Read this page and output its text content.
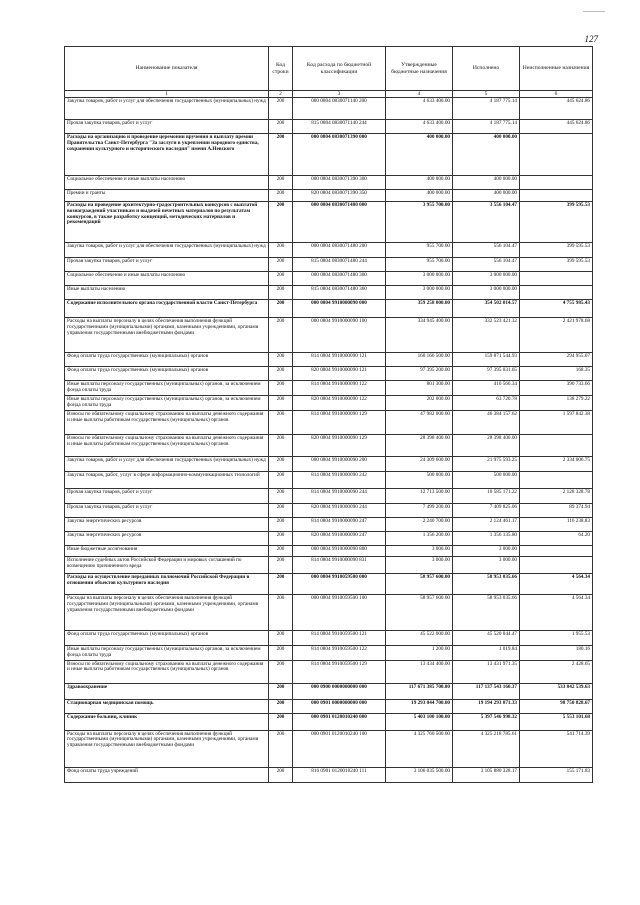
127
Наименование показателя	Код строки	Код расхода по бюджетной классификации	Утвержденные бюджетные назначения	Исполнено	Неисполненные назначения
1	2	3	4	5	6
Закупка товаров, работ и услуг для обеспечения государственных (муниципальных) нужд	200	000 0804 0830071140 200	4 633 400.00	4 187 775.14	445 624.86
Прочая закупка товаров, работ и услуг	200	815 0804 0830071140 244	4 633 400.00	4 187 775.14	445 624.86
Расходы на организацию и проведение церемонии вручения и выплату премии Правительства Санкт-Петербурга "За заслуги в укреплении народного единства, сохранении культурного и исторического наследия" имени А.Невского	200	000 0804 0830071390 000	400 000.00	400 000.00	
Социальное обеспечение и иные выплаты населению	200	000 0804 0830071390 300	400 000.00	400 000.00	
Премии и гранты	200	820 0804 0830071390 350	400 000.00	400 000.00	
Расходы на проведение архитектурно-градостроительных конкурсов с выплатой вознаграждений участникам и выдачей нечетных материалов по результатам конкурсов, в также разработку концепций, методических материалов и рекомендаций	200	000 0804 0830071480 000	3 955 700.00	3 556 104.47	399 595.53
Закупка товаров, работ и услуг для обеспечения государственных (муниципальных) нужд	200	000 0804 0830071480 200	955 700.00	556 104.47	399 595.53
Прочая закупка товаров, работ и услуг	200	815 0804 0830071480 244	955 700.00	556 104.47	399 595.53
Социальное обеспечение и иные выплаты населению	200	000 0804 0830071480 300	3 000 000.00	3 000 000.00	
Иные выплаты населению	200	815 0804 0830071480 360	3 000 000.00	3 000 000.00	
Содержание исполнительного органа государственной власти Санкт-Петербурга	200	000 0804 9910000090 000	359 258 000.00	354 502 014.57	4 755 985.43
Расходы на выплаты персоналу в целях обеспечения выполнения функций государственными (муниципальными) органами, казенными учреждениями, органами управления государственными внебюджетными фондами	200	000 0804 9910000090 100	334 945 400.00	332 523 421.32	2 421 978.68
Фонд оплаты труда государственных (муниципальных) органов	200	814 0804 9910000090 121	160 166 500.00	159 871 544.93	294 955.07
Фонд оплаты труда государственных (муниципальных) органов	200	820 0804 9910000090 121	97 395 200.00	97 395 031.65	168.35
Иные выплаты персоналу государственных (муниципальных) органов, за исключением фонда оплаты труда	200	814 0804 9910000090 122	801 300.00	410 566.34	390 733.66
Иные выплаты персоналу государственных (муниципальных) органов, за исключением фонда оплаты труда	200	820 0804 9910000090 122	202 000.00	63 720.78	138 279.22
Взносы по обязательному социальному страхованию на выплаты денежного содержания и иные выплаты работникам государственных (муниципальных) органов	200	814 0804 9910000090 129	47 982 000.00	46 384 157.62	1 597 842.38
Взносы по обязательному социальному страхованию на выплаты денежного содержания и иные выплаты работникам государственных (муниципальных) органов	200	820 0804 9910000090 129	28 398 400.00	28 398 400.00	
Закупка товаров, работ и услуг для обеспечения государственных (муниципальных) нужд	200	000 0804 9910000090 200	24 309 600.00	21 975 593.25	2 334 006.75
Закупка товаров, работ, услуг в сфере информационно-коммуникационных технологий	200	814 0804 9910000090 242	500 000.00	500 000.00	
Прочая закупка товаров, работ и услуг	200	814 0804 9910000090 244	12 713 500.00	10 585 171.22	2 128 328.78
Прочая закупка товаров, работ и услуг	200	820 0804 9910000090 244	7 499 200.00	7 409 825.06	89 374.94
Закупка энергетических ресурсов	200	814 0804 9910000090 247	2 240 700.00	2 124 461.17	116 238.83
Закупка энергетических ресурсов	200	820 0804 9910000090 247	1 356 200.00	1 356 135.80	64.20
Иные бюджетные ассигнования	200	000 0804 9910000090 800	3 000.00	3 000.00	
Исполнение судебных актов Российской Федерации и мировых соглашений по возмещению причиненного вреда	200	814 0804 9910000090 831	3 000.00	3 000.00	
Расходы на осуществление переданных полномочий Российской Федерации в отношении объектов культурного наследия	200	000 0804 9910059500 000	58 957 600.00	58 953 035.66	4 564.34
Расходы на выплаты персоналу в целях обеспечения выполнения функций государственными (муниципальными) органами, казенными учреждениями, органами управления государственными внебюджетными фондами	200	000 0804 9910059500 100	58 957 600.00	58 953 035.66	4 564.34
Фонд оплаты труда государственных (муниципальных) органов	200	814 0804 9910059500 121	45 522 000.00	45 520 044.47	1 955.53
Иные выплаты персоналу государственных (муниципальных) органов, за исключением фонда оплаты труда	200	814 0804 9910059500 122	1 200.00	1 019.84	180.16
Взносы по обязательному социальному страхованию на выплаты денежного содержания и иные выплаты работникам государственных (муниципальных) органов	200	814 0804 9910059500 129	13 434 400.00	13 431 971.35	2 428.65
Здравоохранение	200	000 0900 0000000000 000	117 671 385 700.00	117 137 543 160.37	533 842 539.63
Стационарная медицинская помощь	200	000 0901 0000000000 000	19 293 044 700.00	19 194 293 871.33	98 750 828.67
Содержание больниц, клиник	200	000 0901 0120010240 000	5 403 100 100.00	5 397 546 998.32	5 553 101.68
Расходы на выплаты персоналу в целях обеспечения выполнения функций государственными (муниципальными) органами, казенными учреждениями, органами управления государственными внебюджетными фондами	200	000 0901 0120010240 100	4 325 760 500.00	4 325 218 785.61	541 714.39
Фонд оплаты труда учреждений	200	816 0901 0120010240 111	3 106 035 500.00	3 105 880 328.17	155 171.83
